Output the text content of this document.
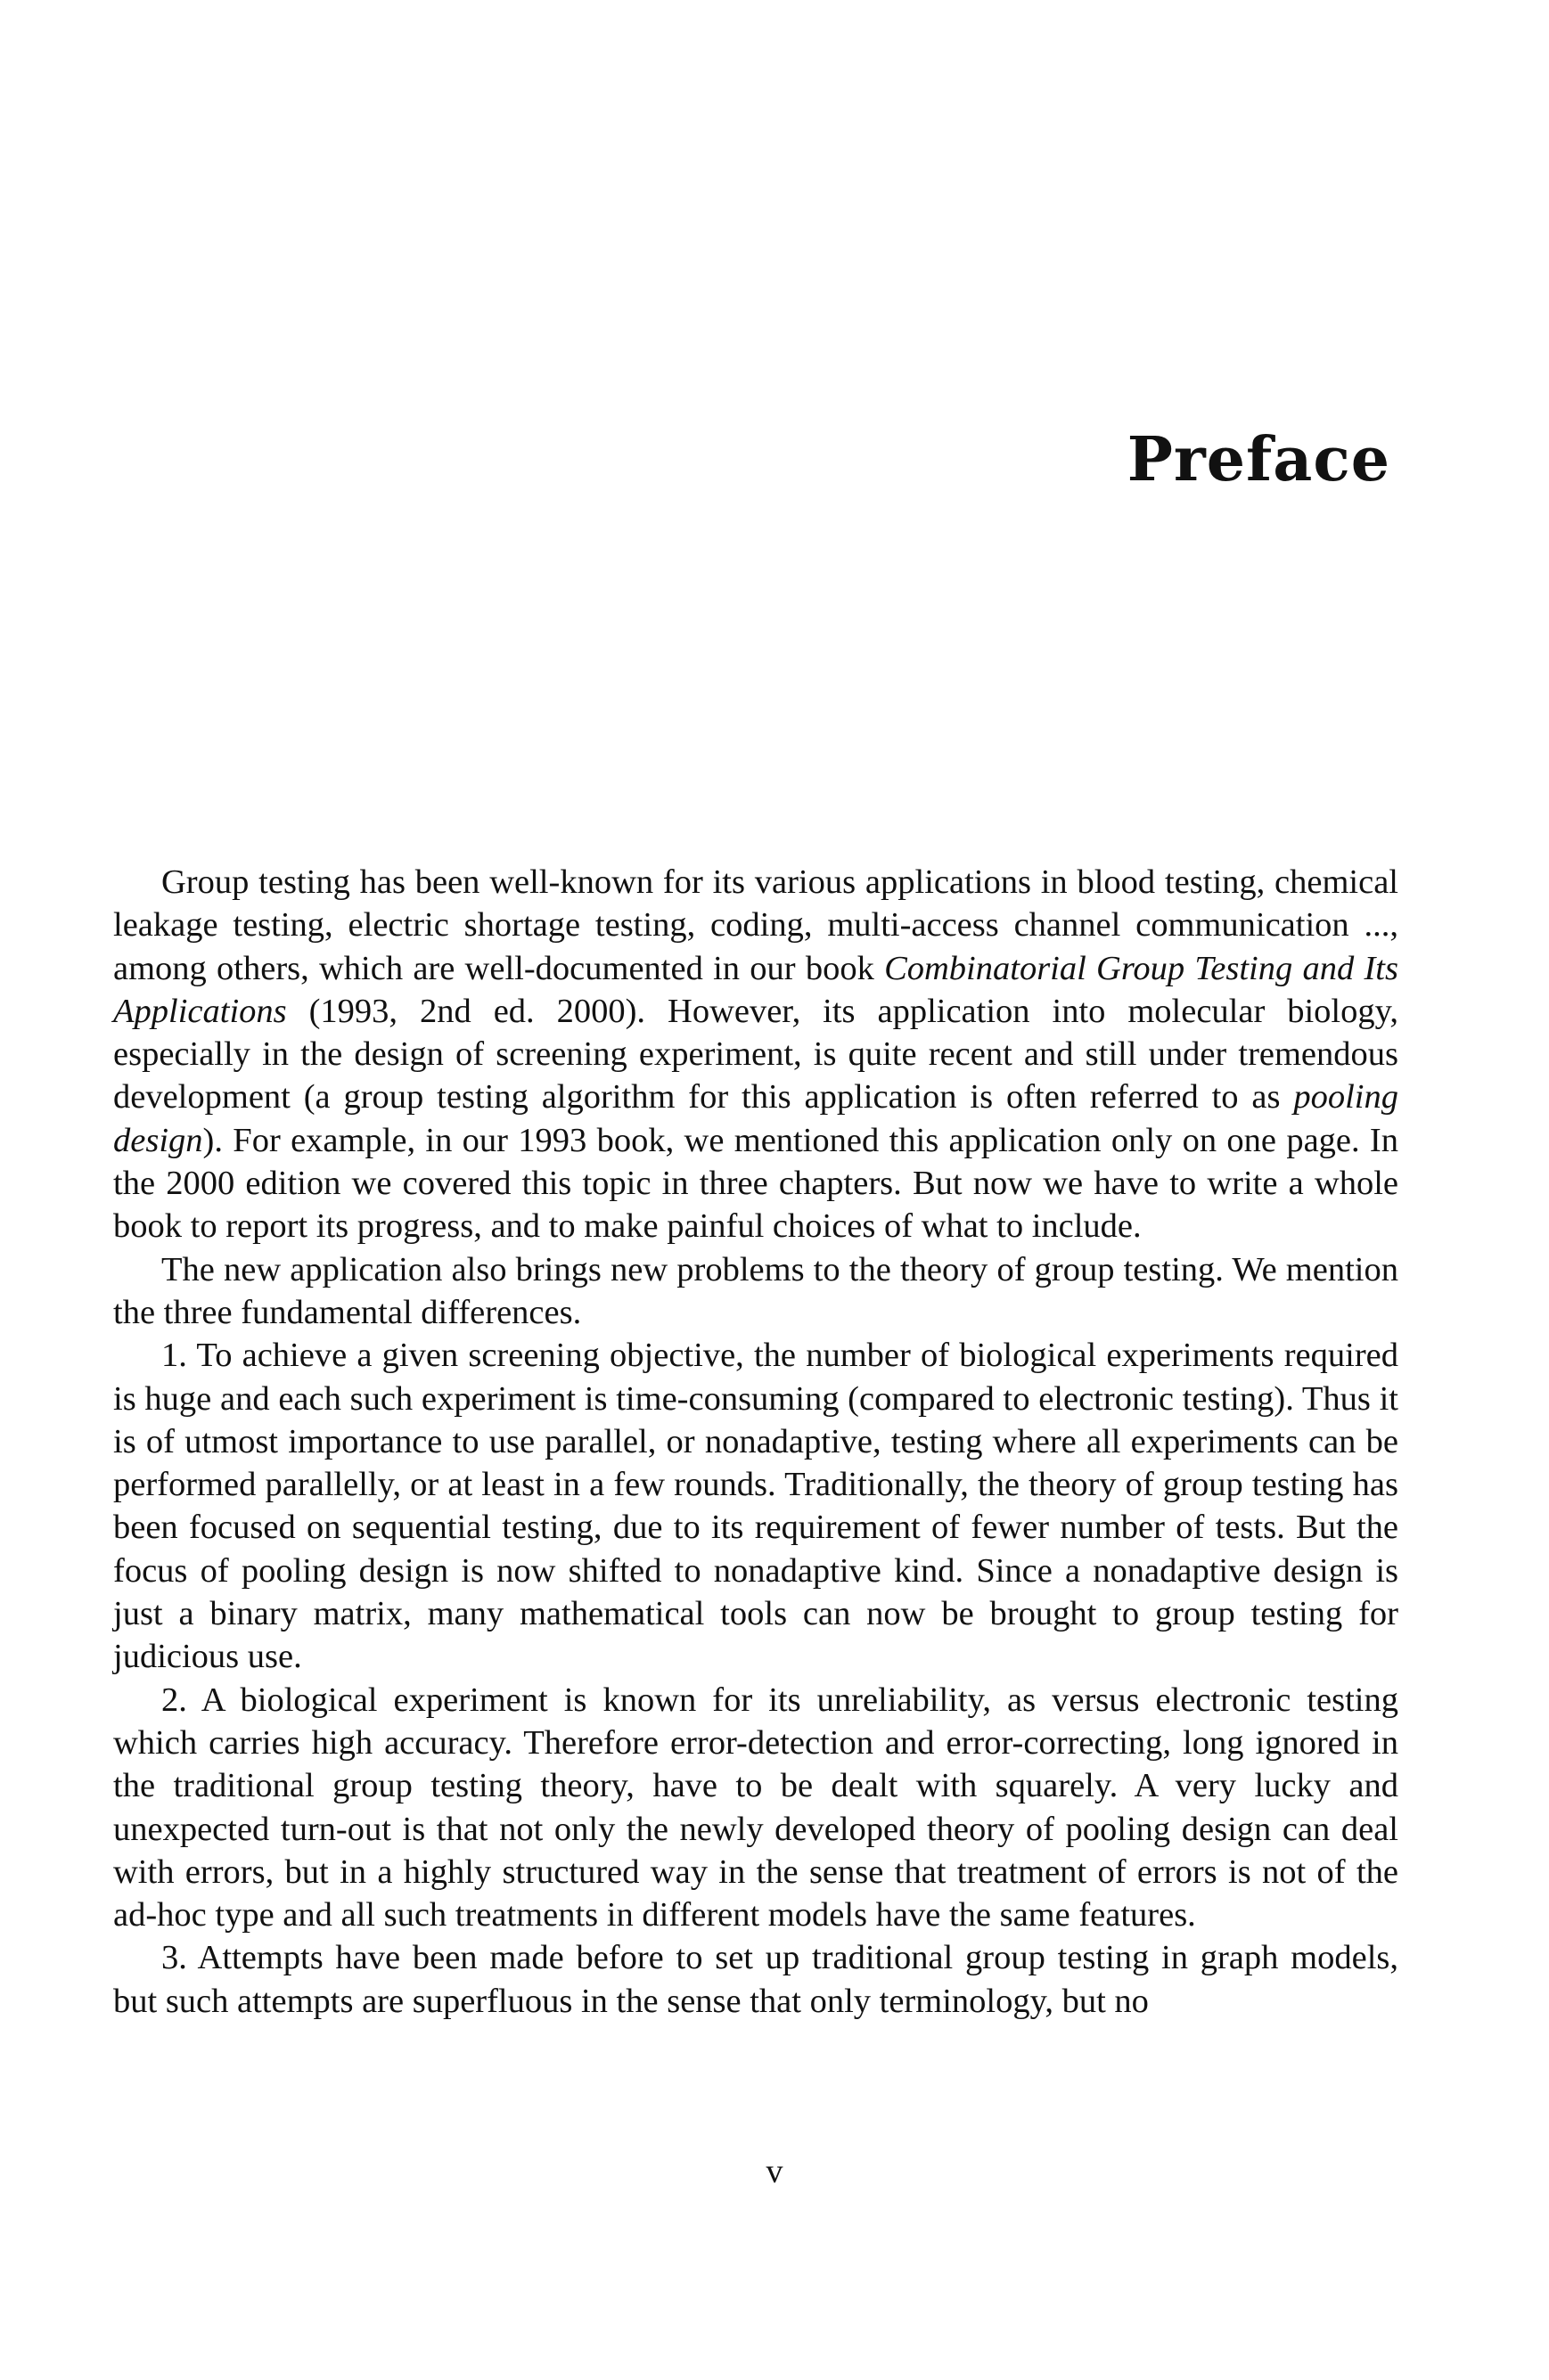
Preface

Group testing has been well-known for its various applications in blood testing, chemical leakage testing, electric shortage testing, coding, multi-access channel communication ..., among others, which are well-documented in our book Combinatorial Group Testing and Its Applications (1993, 2nd ed. 2000). However, its application into molecular biology, especially in the design of screening experiment, is quite recent and still under tremendous development (a group testing algorithm for this application is often referred to as pooling design). For example, in our 1993 book, we mentioned this application only on one page. In the 2000 edition we covered this topic in three chapters. But now we have to write a whole book to report its progress, and to make painful choices of what to include.

The new application also brings new problems to the theory of group testing. We mention the three fundamental differences.

1. To achieve a given screening objective, the number of biological experiments required is huge and each such experiment is time-consuming (compared to electronic testing). Thus it is of utmost importance to use parallel, or nonadaptive, testing where all experiments can be performed parallelly, or at least in a few rounds. Traditionally, the theory of group testing has been focused on sequential testing, due to its requirement of fewer number of tests. But the focus of pooling design is now shifted to nonadaptive kind. Since a nonadaptive design is just a binary matrix, many mathematical tools can now be brought to group testing for judicious use.

2. A biological experiment is known for its unreliability, as versus electronic testing which carries high accuracy. Therefore error-detection and error-correcting, long ignored in the traditional group testing theory, have to be dealt with squarely. A very lucky and unexpected turn-out is that not only the newly developed theory of pooling design can deal with errors, but in a highly structured way in the sense that treatment of errors is not of the ad-hoc type and all such treatments in different models have the same features.

3. Attempts have been made before to set up traditional group testing in graph models, but such attempts are superfluous in the sense that only terminology, but no

v
